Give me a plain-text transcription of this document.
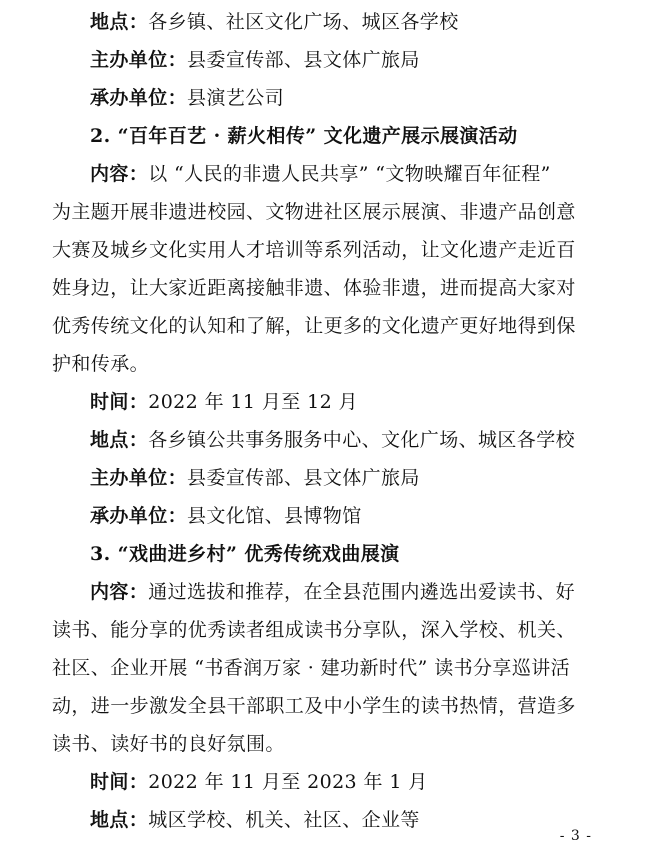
地点：各乡镇、社区文化广场、城区各学校
主办单位：县委宣传部、县文体广旅局
承办单位：县演艺公司
2. “百年百艺 · 薪火相传” 文化遗产展示展演活动
内容：以 “人民的非遗人民共享” “文物映耀百年征程”
为主题开展非遗进校园、文物进社区展示展演、非遗产品创意
大赛及城乡文化实用人才培训等系列活动，让文化遗产走近百
姓身边，让大家近距离接触非遗、体验非遗，进而提高大家对
优秀传统文化的认知和了解，让更多的文化遗产更好地得到保
护和传承。
时间：2022 年 11 月至 12 月
地点：各乡镇公共事务服务中心、文化广场、城区各学校
主办单位：县委宣传部、县文体广旅局
承办单位：县文化馆、县博物馆
3. “戏曲进乡村” 优秀传统戏曲展演
内容：通过选拔和推荐，在全县范围内遴选出爱读书、好
读书、能分享的优秀读者组成读书分享队，深入学校、机关、
社区、企业开展 “书香润万家 · 建功新时代” 读书分享巡讲活
动，进一步激发全县干部职工及中小学生的读书热情，营造多
读书、读好书的良好氛围。
时间：2022 年 11 月至 2023 年 1 月
地点：城区学校、机关、社区、企业等
- 3 -
